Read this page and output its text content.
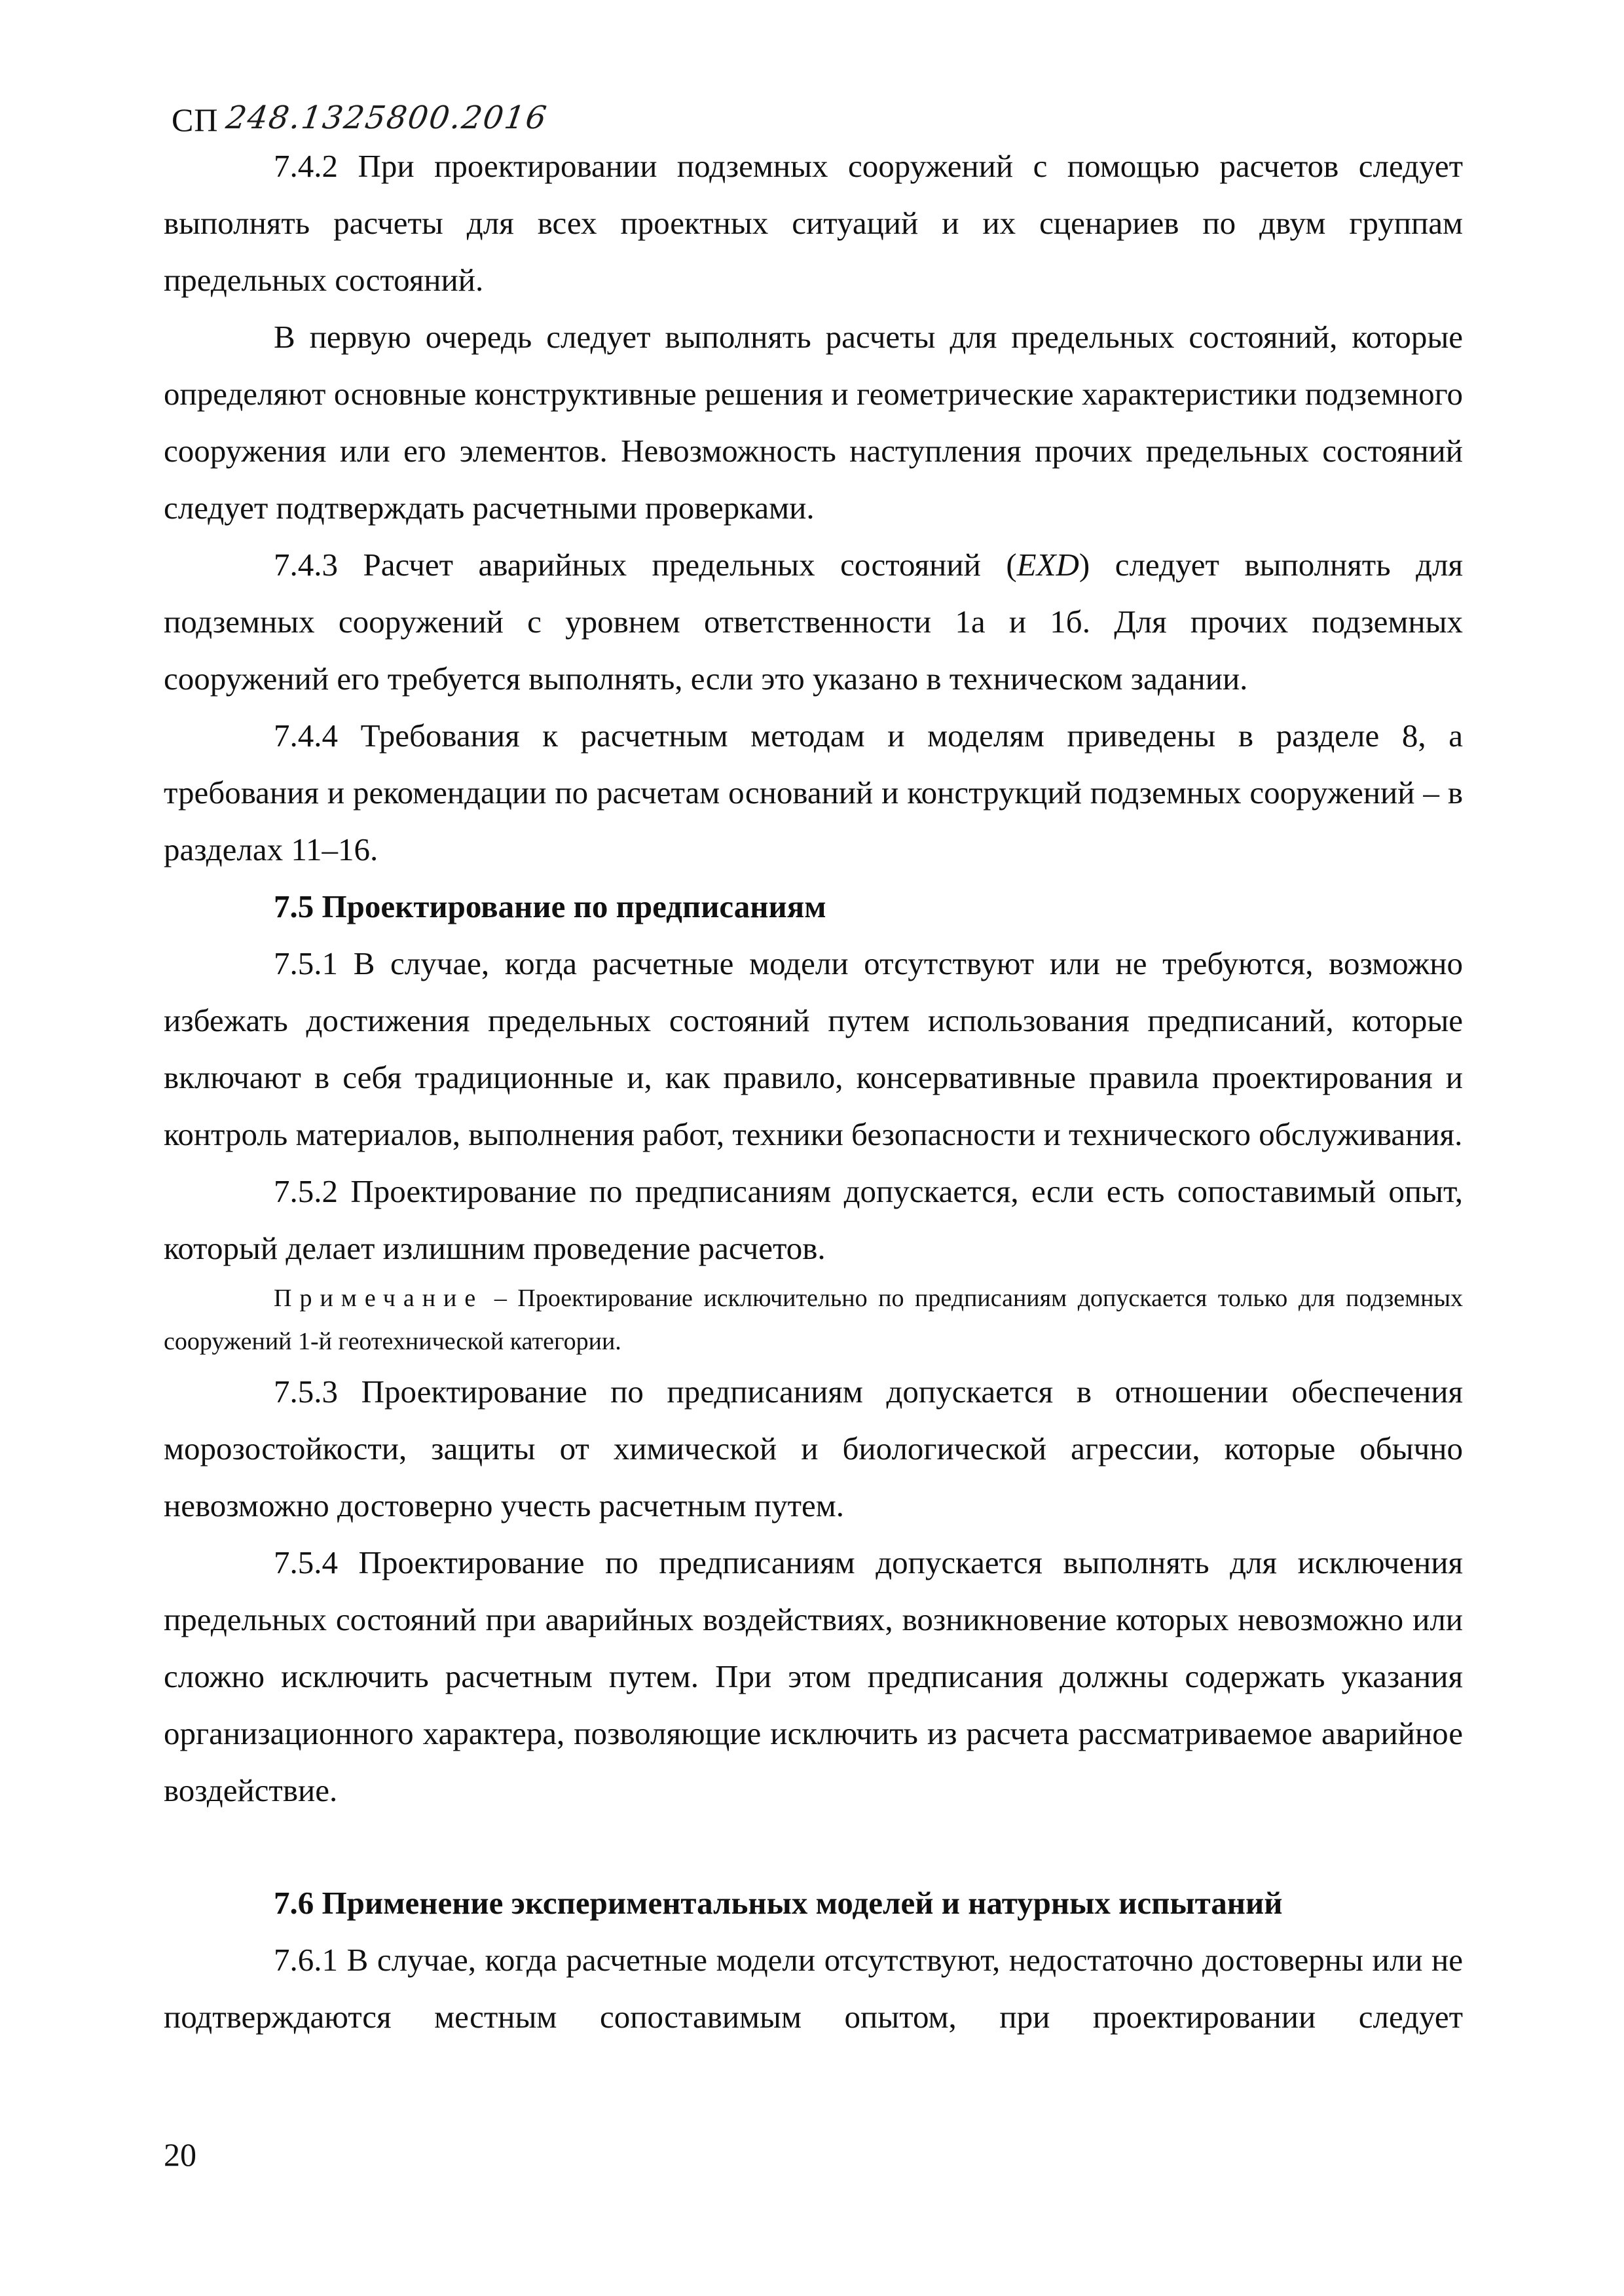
СП 248.1325800.2016

7.4.2 При проектировании подземных сооружений с помощью расчетов следует выполнять расчеты для всех проектных ситуаций и их сценариев по двум группам предельных состояний.

В первую очередь следует выполнять расчеты для предельных состояний, которые определяют основные конструктивные решения и геометрические характеристики подземного сооружения или его элементов. Невозможность наступления прочих предельных состояний следует подтверждать расчетными проверками.

7.4.3 Расчет аварийных предельных состояний (EXD) следует выполнять для подземных сооружений с уровнем ответственности 1а и 1б. Для прочих подземных сооружений его требуется выполнять, если это указано в техническом задании.

7.4.4 Требования к расчетным методам и моделям приведены в разделе 8, а требования и рекомендации по расчетам оснований и конструкций подземных сооружений – в разделах 11–16.

7.5 Проектирование по предписаниям

7.5.1 В случае, когда расчетные модели отсутствуют или не требуются, возможно избежать достижения предельных состояний путем использования предписаний, которые включают в себя традиционные и, как правило, консервативные правила проектирования и контроль материалов, выполнения работ, техники безопасности и технического обслуживания.

7.5.2 Проектирование по предписаниям допускается, если есть сопоставимый опыт, который делает излишним проведение расчетов.

Примечание – Проектирование исключительно по предписаниям допускается только для подземных сооружений 1-й геотехнической категории.

7.5.3 Проектирование по предписаниям допускается в отношении обеспечения морозостойкости, защиты от химической и биологической агрессии, которые обычно невозможно достоверно учесть расчетным путем.

7.5.4 Проектирование по предписаниям допускается выполнять для исключения предельных состояний при аварийных воздействиях, возникновение которых невозможно или сложно исключить расчетным путем. При этом предписания должны содержать указания организационного характера, позволяющие исключить из расчета рассматриваемое аварийное воздействие.

7.6 Применение экспериментальных моделей и натурных испытаний

7.6.1 В случае, когда расчетные модели отсутствуют, недостаточно достоверны или не подтверждаются местным сопоставимым опытом, при проектировании следует

20
